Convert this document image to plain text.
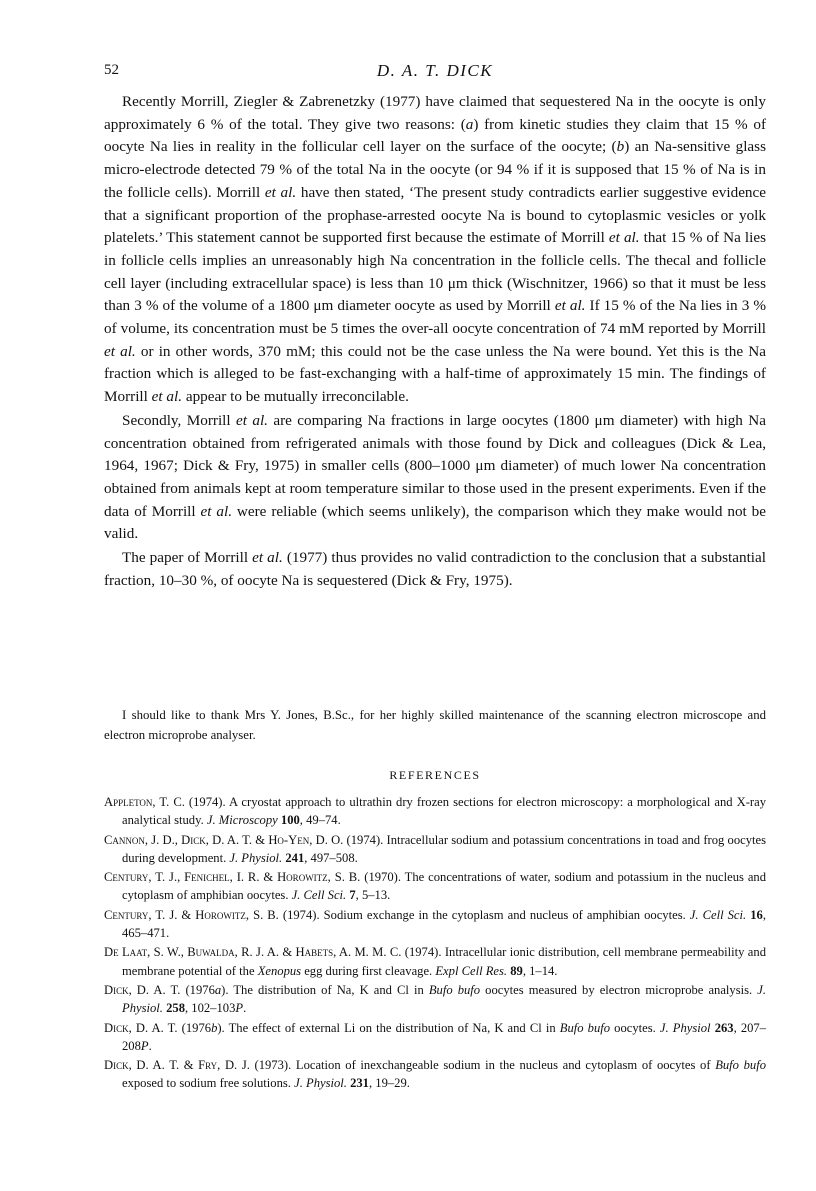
52	D. A. T. DICK

Recently Morrill, Ziegler & Zabrenetzky (1977) have claimed that sequestered Na in the oocyte is only approximately 6 % of the total. They give two reasons: (a) from kinetic studies they claim that 15 % of oocyte Na lies in reality in the follicular cell layer on the surface of the oocyte; (b) an Na-sensitive glass micro-electrode detected 79 % of the total Na in the oocyte (or 94 % if it is supposed that 15 % of Na is in the follicle cells). Morrill et al. have then stated, ‘The present study contradicts earlier suggestive evidence that a significant proportion of the prophase-arrested oocyte Na is bound to cytoplasmic vesicles or yolk platelets.’ This statement cannot be supported first because the estimate of Morrill et al. that 15 % of Na lies in follicle cells implies an unreasonably high Na concentration in the follicle cells. The thecal and follicle cell layer (including extracellular space) is less than 10 μm thick (Wischnitzer, 1966) so that it must be less than 3 % of the volume of a 1800 μm diameter oocyte as used by Morrill et al. If 15 % of the Na lies in 3 % of volume, its concentration must be 5 times the over-all oocyte concentration of 74 mM reported by Morrill et al. or in other words, 370 mM; this could not be the case unless the Na were bound. Yet this is the Na fraction which is alleged to be fast-exchanging with a half-time of approximately 15 min. The findings of Morrill et al. appear to be mutually irreconcilable.

Secondly, Morrill et al. are comparing Na fractions in large oocytes (1800 μm diameter) with high Na concentration obtained from refrigerated animals with those found by Dick and colleagues (Dick & Lea, 1964, 1967; Dick & Fry, 1975) in smaller cells (800–1000 μm diameter) of much lower Na concentration obtained from animals kept at room temperature similar to those used in the present experiments. Even if the data of Morrill et al. were reliable (which seems unlikely), the comparison which they make would not be valid.

The paper of Morrill et al. (1977) thus provides no valid contradiction to the conclusion that a substantial fraction, 10–30 %, of oocyte Na is sequestered (Dick & Fry, 1975).

I should like to thank Mrs Y. Jones, B.Sc., for her highly skilled maintenance of the scanning electron microscope and electron microprobe analyser.

REFERENCES
Appleton, T. C. (1974). A cryostat approach to ultrathin dry frozen sections for electron microscopy: a morphological and X-ray analytical study. J. Microscopy 100, 49–74.
Cannon, J. D., Dick, D. A. T. & Ho-Yen, D. O. (1974). Intracellular sodium and potassium concentrations in toad and frog oocytes during development. J. Physiol. 241, 497–508.
Century, T. J., Fenichel, I. R. & Horowitz, S. B. (1970). The concentrations of water, sodium and potassium in the nucleus and cytoplasm of amphibian oocytes. J. Cell Sci. 7, 5–13.
Century, T. J. & Horowitz, S. B. (1974). Sodium exchange in the cytoplasm and nucleus of amphibian oocytes. J. Cell Sci. 16, 465–471.
De Laat, S. W., Buwalda, R. J. A. & Habets, A. M. M. C. (1974). Intracellular ionic distribution, cell membrane permeability and membrane potential of the Xenopus egg during first cleavage. Expl Cell Res. 89, 1–14.
Dick, D. A. T. (1976a). The distribution of Na, K and Cl in Bufo bufo oocytes measured by electron microprobe analysis. J. Physiol. 258, 102–103P.
Dick, D. A. T. (1976b). The effect of external Li on the distribution of Na, K and Cl in Bufo bufo oocytes. J. Physiol 263, 207–208P.
Dick, D. A. T. & Fry, D. J. (1973). Location of inexchangeable sodium in the nucleus and cytoplasm of oocytes of Bufo bufo exposed to sodium free solutions. J. Physiol. 231, 19–29.
